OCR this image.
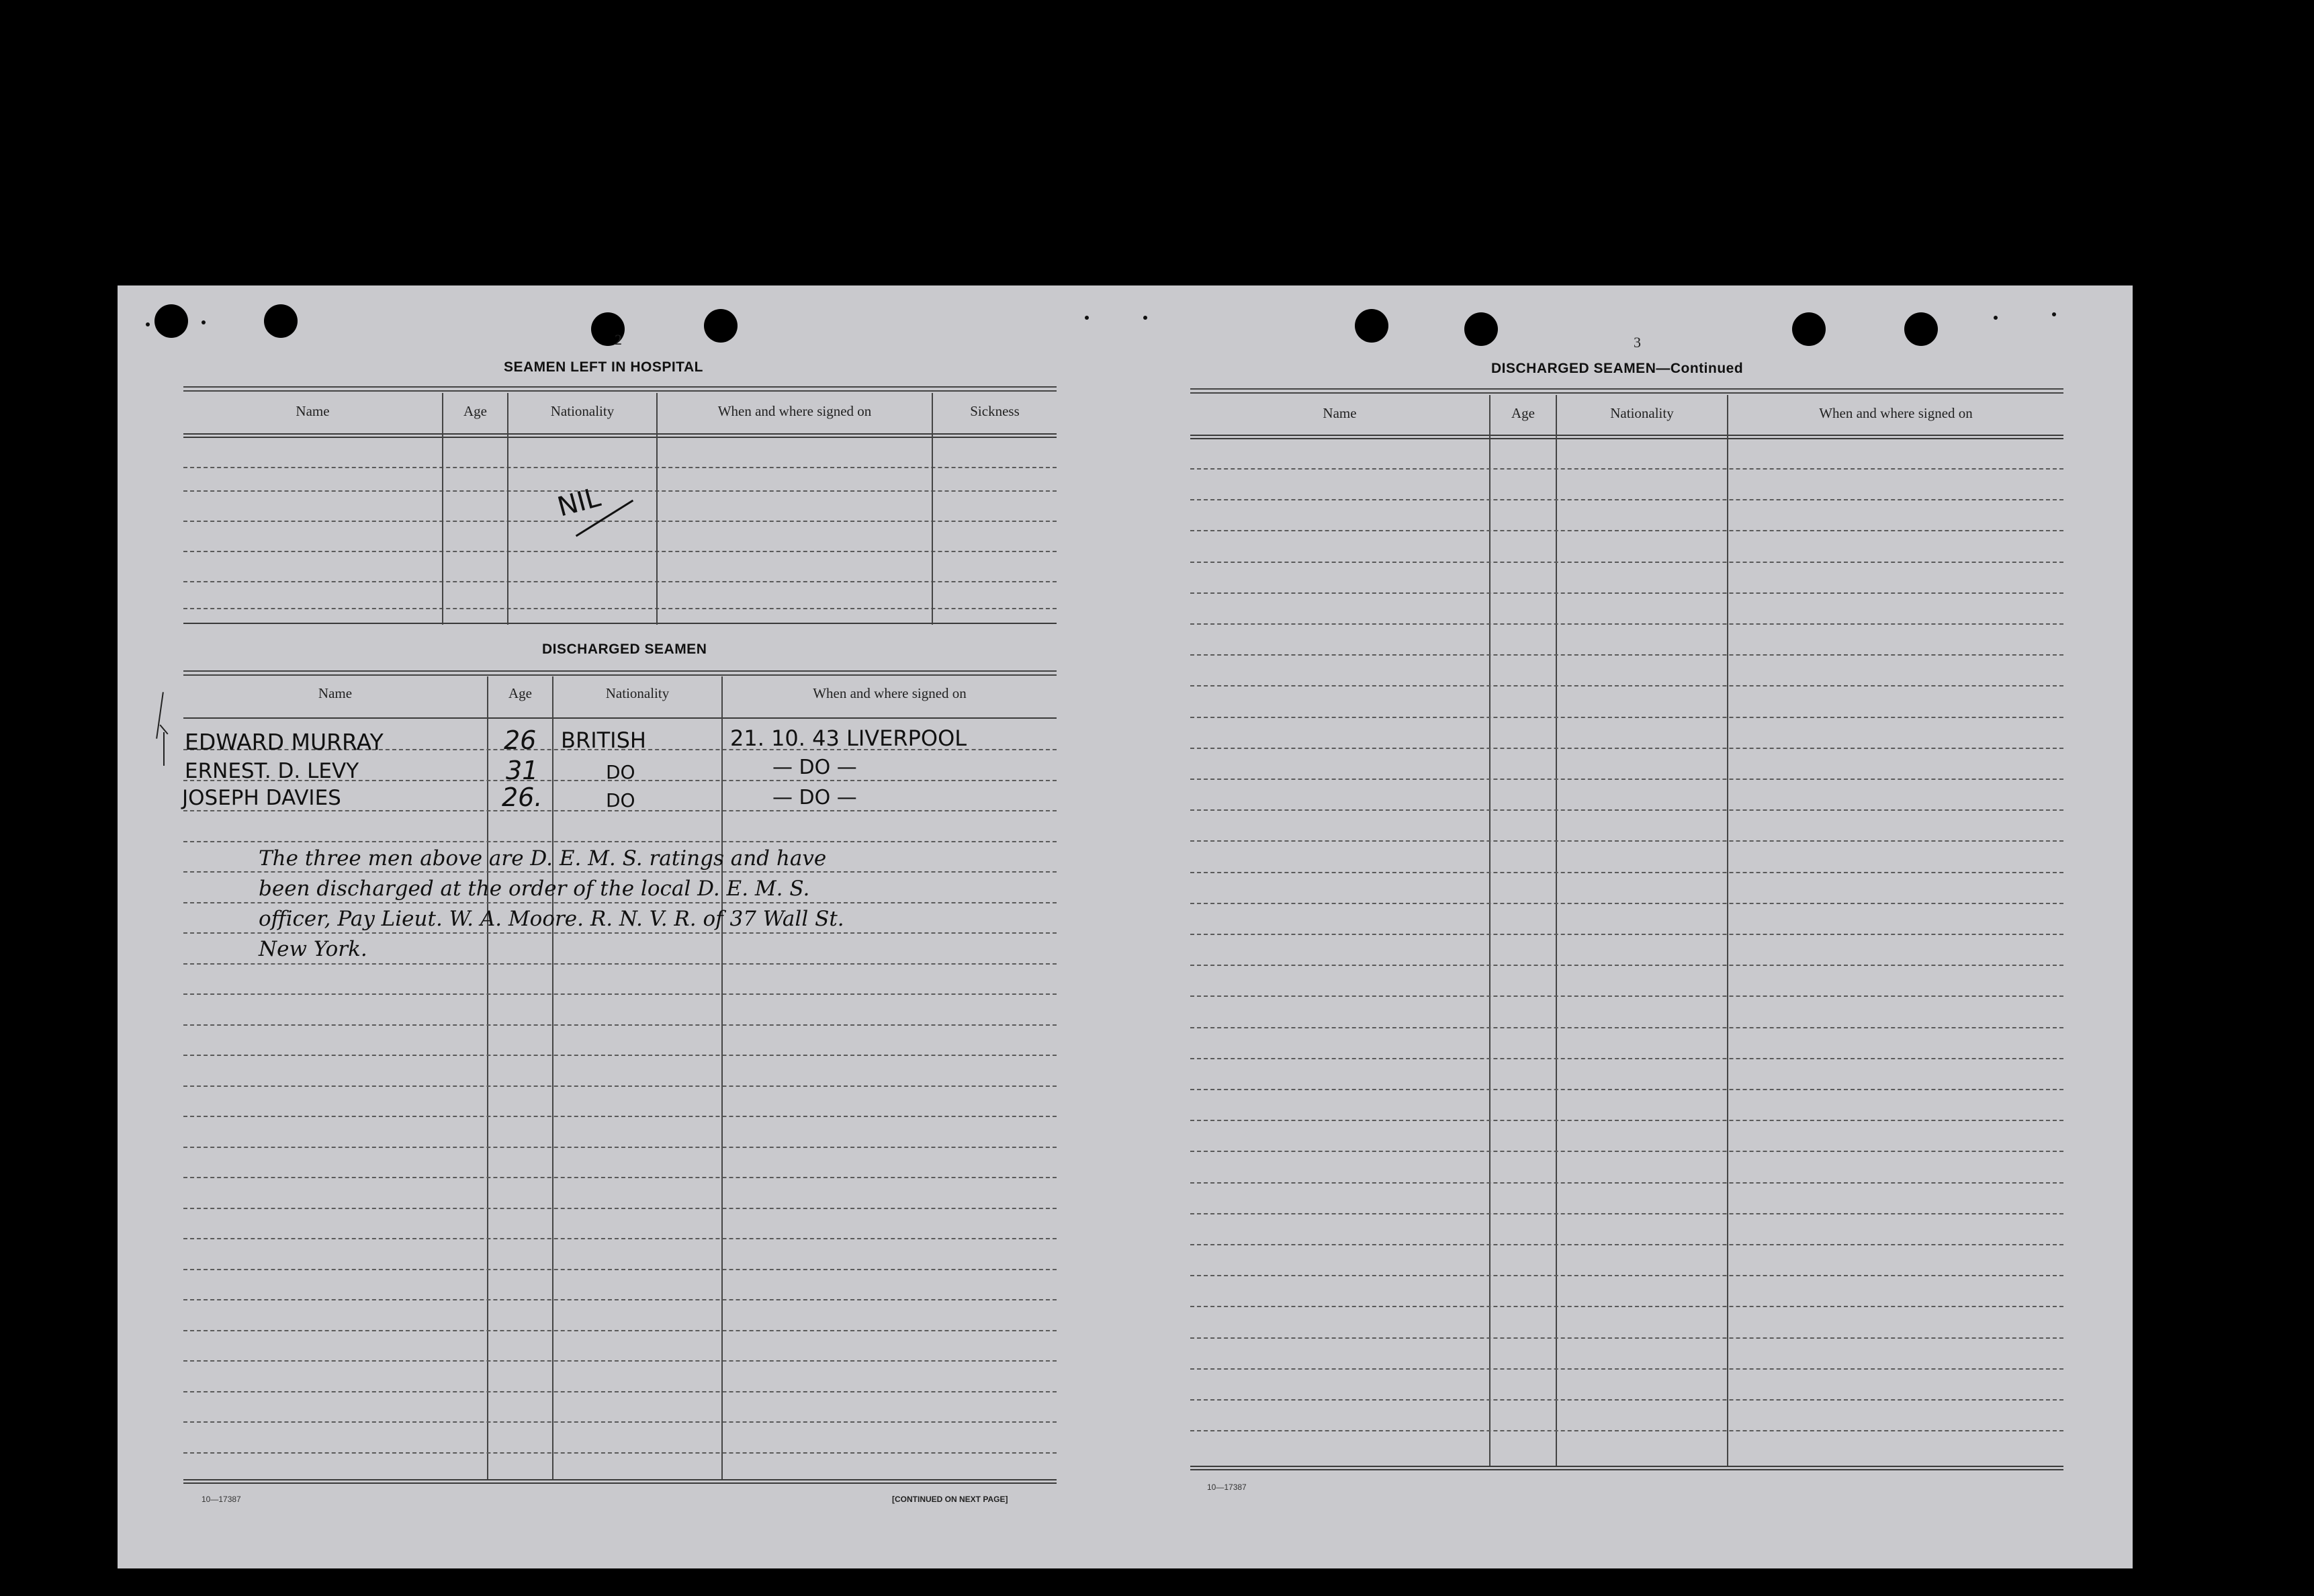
2
SEAMEN LEFT IN HOSPITAL
Name	Age	Nationality	When and where signed on	Sickness
NIL
DISCHARGED SEAMEN
Name	Age	Nationality	When and where signed on
EDWARD MURRAY	26 BRITISH	21. 10. 43 LIVERPOOL
ERNEST. D. LEVY	31	DO	— DO —
JOSEPH DAVIES	26.	DO	— DO —
The three men above are D. E. M. S. ratings and have
been discharged at the order of the local D. E. M. S.
officer, Pay Lieut. W. A. Moore. R. N. V. R. of 37 Wall St.
New York.
10—17387	[CONTINUED ON NEXT PAGE]
3
DISCHARGED SEAMEN—Continued
Name	Age	Nationality	When and where signed on
10—17387
